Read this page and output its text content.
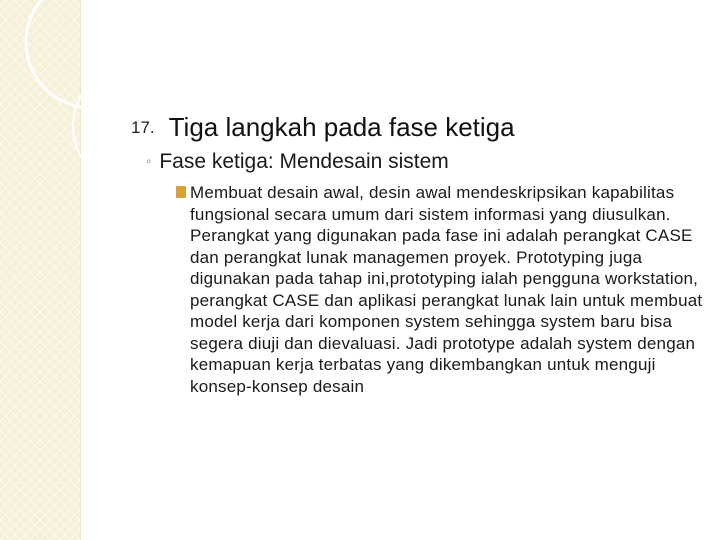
17. Tiga langkah pada fase ketiga
◦ Fase ketiga: Mendesain sistem

Membuat desain awal, desin awal mendeskripsikan kapabilitas fungsional secara umum dari sistem informasi yang diusulkan. Perangkat yang digunakan pada fase ini adalah perangkat CASE dan perangkat lunak managemen proyek. Prototyping juga digunakan pada tahap ini,prototyping ialah pengguna workstation, perangkat CASE dan aplikasi perangkat lunak lain untuk membuat model kerja dari komponen system sehingga system baru bisa segera diuji dan dievaluasi. Jadi prototype adalah system dengan kemapuan kerja terbatas yang dikembangkan untuk menguji konsep-konsep desain
